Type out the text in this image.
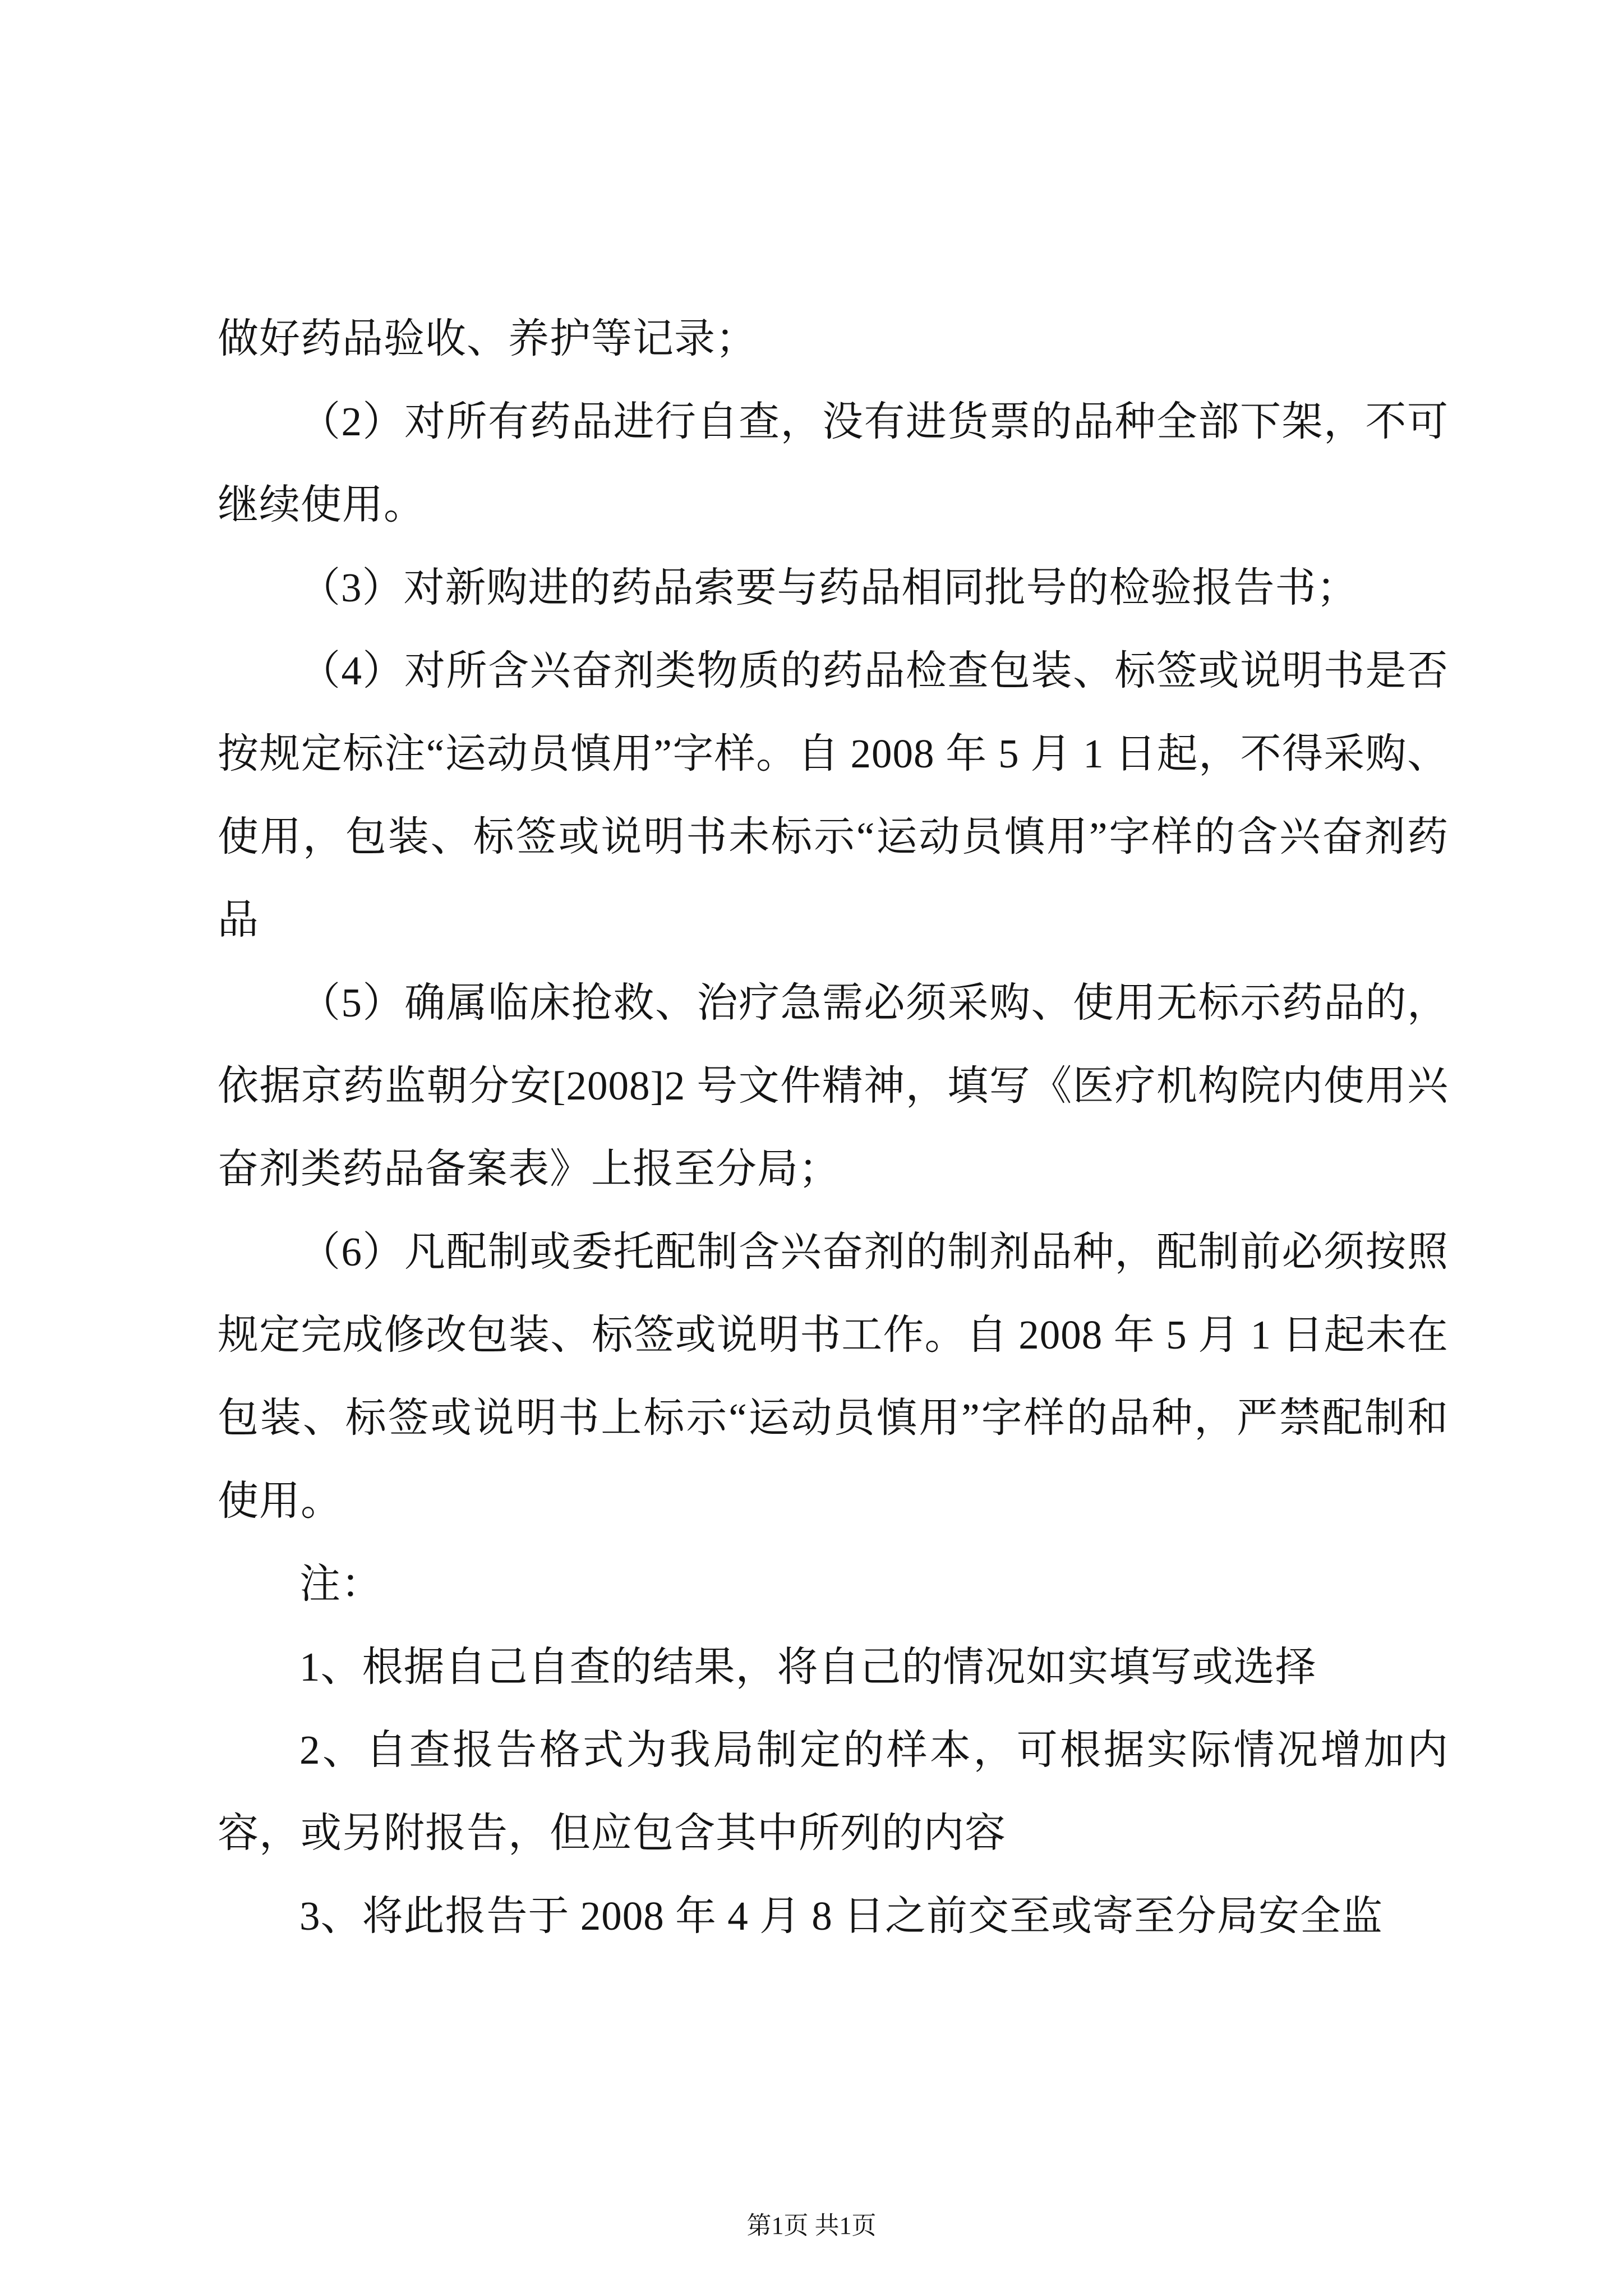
做好药品验收、养护等记录；

（2）对所有药品进行自查，没有进货票的品种全部下架，不可继续使用。

（3）对新购进的药品索要与药品相同批号的检验报告书；

（4）对所含兴奋剂类物质的药品检查包装、标签或说明书是否按规定标注“运动员慎用”字样。自 2008 年 5 月 1 日起，不得采购、使用，包装、标签或说明书未标示“运动员慎用”字样的含兴奋剂药品

（5）确属临床抢救、治疗急需必须采购、使用无标示药品的，依据京药监朝分安[2008]2 号文件精神，填写《医疗机构院内使用兴奋剂类药品备案表》上报至分局；

（6）凡配制或委托配制含兴奋剂的制剂品种，配制前必须按照规定完成修改包装、标签或说明书工作。自 2008 年 5 月 1 日起未在包装、标签或说明书上标示“运动员慎用”字样的品种，严禁配制和使用。

注：

1、根据自己自查的结果，将自己的情况如实填写或选择

2、自查报告格式为我局制定的样本，可根据实际情况增加内容，或另附报告，但应包含其中所列的内容

3、将此报告于 2008 年 4 月 8 日之前交至或寄至分局安全监

第1页 共1页
